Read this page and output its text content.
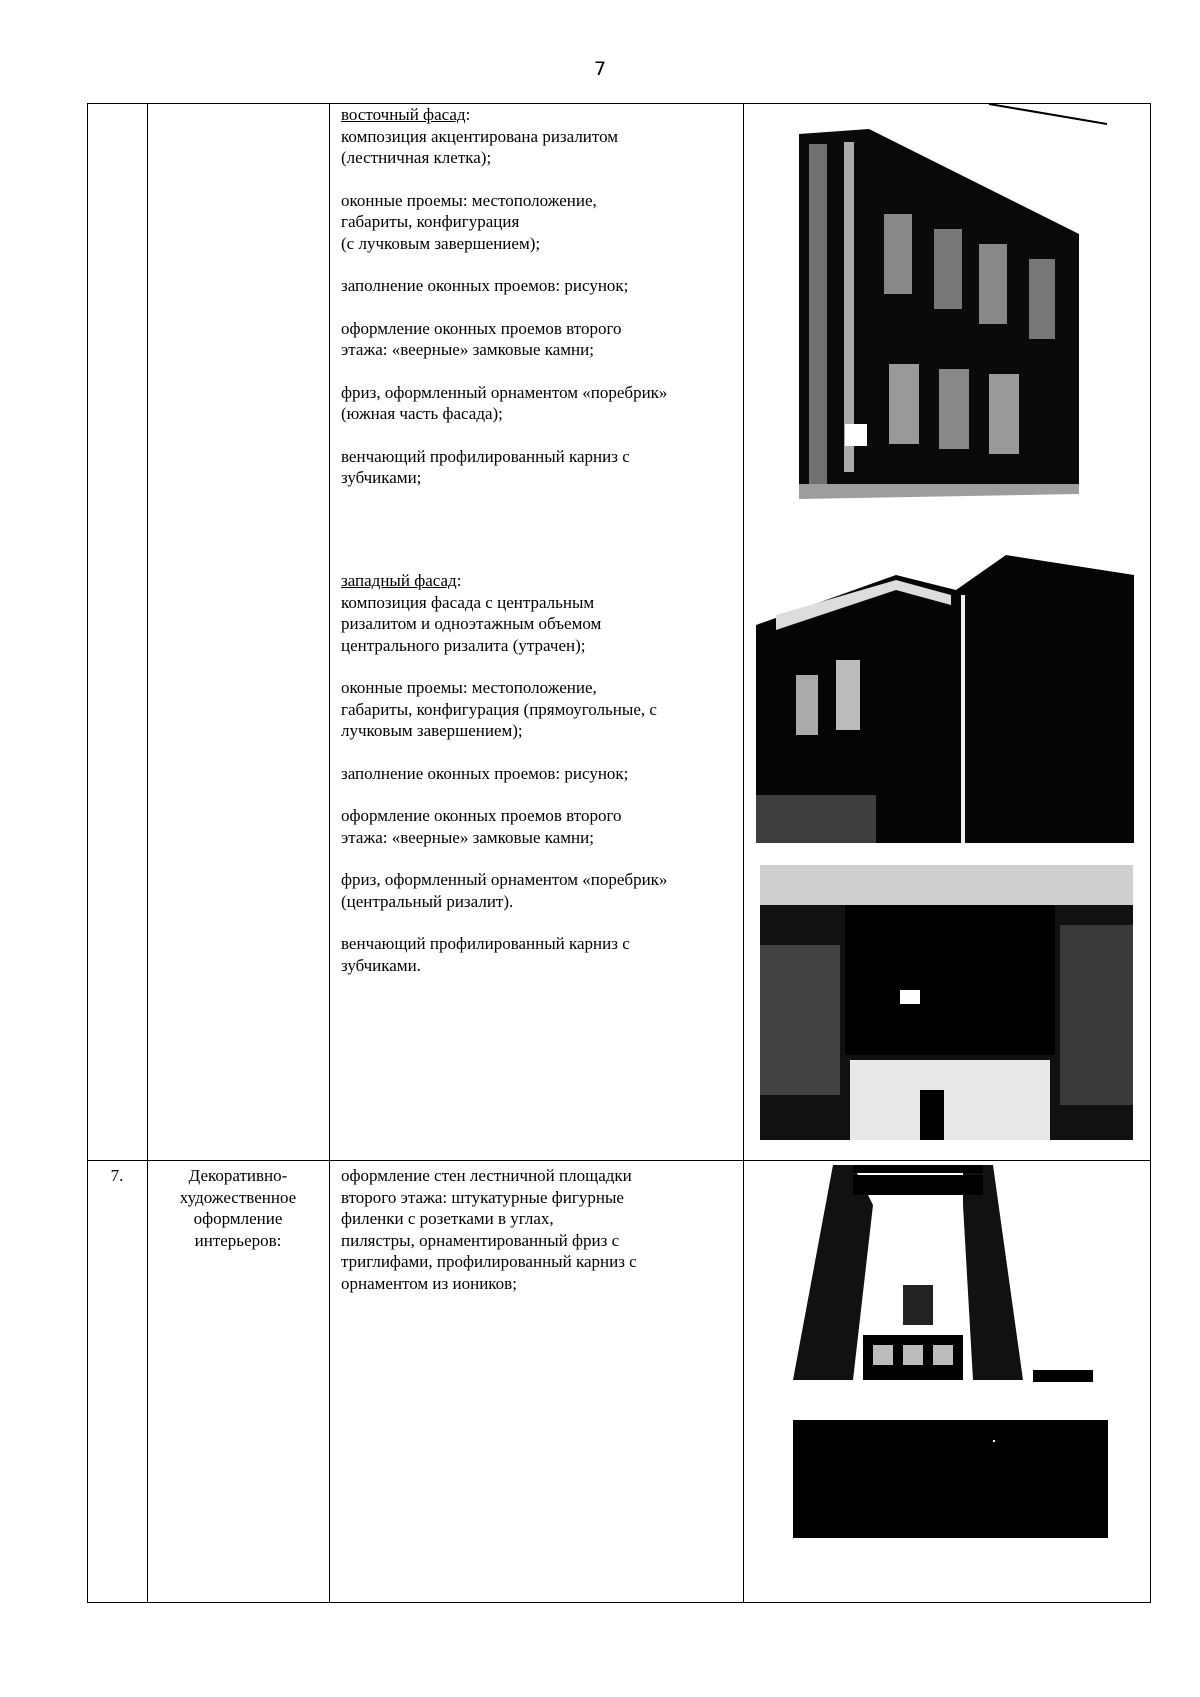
7
восточный фасад:
композиция акцентирована ризалитом
(лестничная клетка);
оконные проемы: местоположение,
габариты, конфигурация
(с лучковым завершением);
заполнение оконных проемов: рисунок;
оформление оконных проемов второго
этажа: «веерные» замковые камни;
фриз, оформленный орнаментом «поребрик»
(южная часть фасада);
венчающий профилированный карниз с
зубчиками;
западный фасад:
композиция фасада с центральным
ризалитом и одноэтажным объемом
центрального ризалита (утрачен);
оконные проемы: местоположение,
габариты, конфигурация (прямоугольные, с
лучковым завершением);
заполнение оконных проемов: рисунок;
оформление оконных проемов второго
этажа: «веерные» замковые камни;
фриз, оформленный орнаментом «поребрик»
(центральный ризалит).
венчающий профилированный карниз с
зубчиками.
7.	Декоративно-
художественное
оформление
интерьеров:
оформление стен лестничной площадки
второго этажа: штукатурные фигурные
филенки с розетками в углах,
пилястры, орнаментированный фриз с
триглифами, профилированный карниз с
орнаментом из иоников;
